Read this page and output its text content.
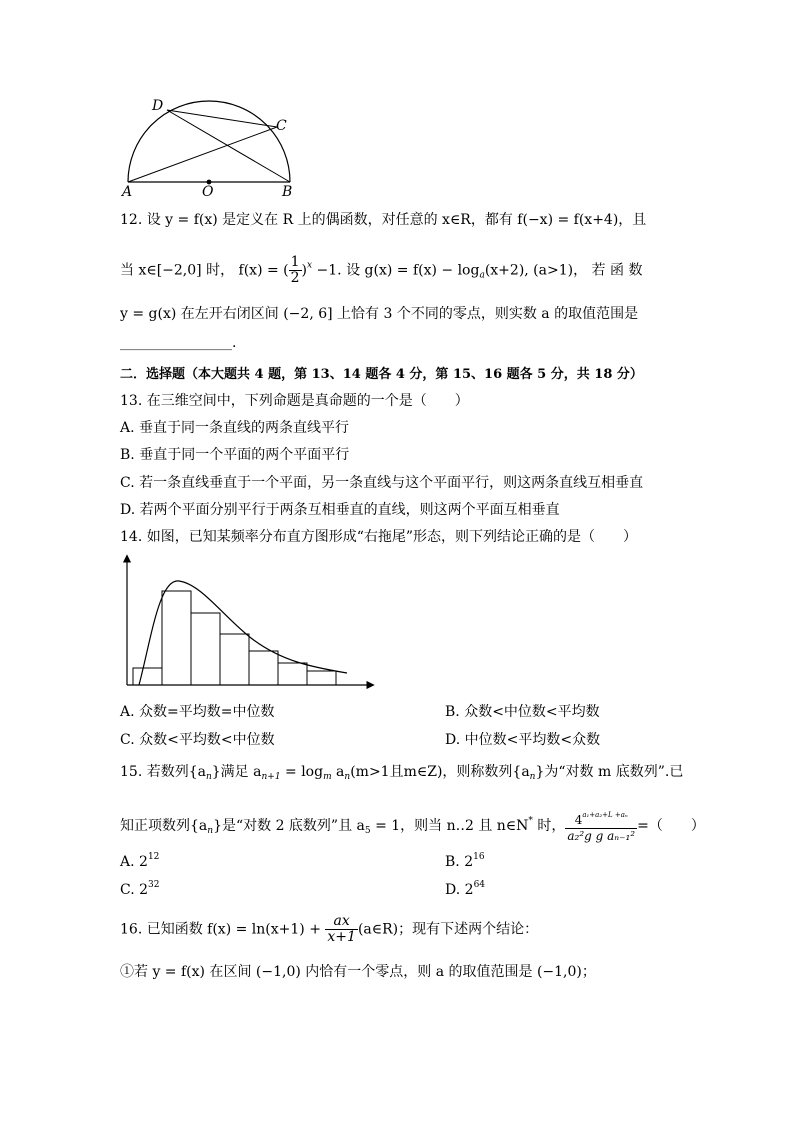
D
C
A	O	B
12. 设 y = f(x) 是定义在 R 上的偶函数，对任意的 x∈R，都有 f(−x) = f(x+4)，且
当 x∈[−2,0] 时， f(x) = ( $\frac{1}{2} )^x -1$. 设 $g(x) = f(x) - \log_a(x+2)$, (a>1)， 若 函 数
y = g(x) 在左开右闭区间 (−2, 6] 上恰有 3 个不同的零点，则实数 a 的取值范围是
________________.
二．选择题（本大题共 4 题，第 13、14 题各 4 分，第 15、16 题各 5 分，共 18 分）
13. 在三维空间中，下列命题是真命题的一个是（　　）
A. 垂直于同一条直线的两条直线平行
B. 垂直于同一个平面的两个平面平行
C. 若一条直线垂直于一个平面，另一条直线与这个平面平行，则这两条直线互相垂直
D. 若两个平面分别平行于两条互相垂直的直线，则这两个平面互相垂直
14. 如图，已知某频率分布直方图形成“右拖尾”形态，则下列结论正确的是（　　）
A. 众数=平均数=中位数	B. 众数<中位数<平均数
C. 众数<平均数<中位数	D. 中位数<平均数<众数
15. 若数列$\{a_n\}$满足 $a_{n+1} = \log_m a_n(m>1$且m∈Z)，则称数列$\{a_n\}$为“对数 m 底数列”.已
知正项数列$\{a_n\}$是“对数 2 底数列”且 $a_5 = 1$，则当 n‥2 且 n∈N* 时， $\frac{4^{a_1+a_2+L +a_n}}{\text{a₂²g g aₙ₋₁²}}$ =（　　）
A. $2^{12}$	B. $2^{16}$
C. $2^{32}$	D. $2^{64}$
16. 已知函数 $f(x) = \ln(x+1) + \frac{ax}{x+1}$ (a∈R)；现有下述两个结论：
①若 y = f(x) 在区间 (−1,0) 内恰有一个零点，则 a 的取值范围是 (−1,0)；
